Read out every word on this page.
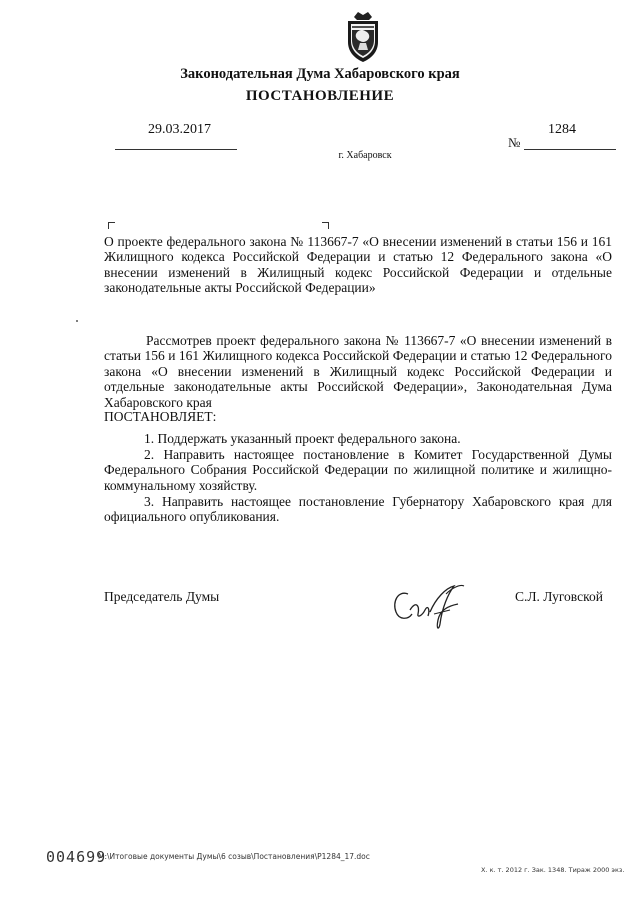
Законодательная Дума Хабаровского края
ПОСТАНОВЛЕНИЕ
29.03.2017
№
1284
г. Хабаровск
О проекте федерального закона № 113667-7 «О внесении изменений в статьи 156 и 161 Жилищного кодекса Российской Федерации и статью 12 Федерального закона «О внесении изменений в Жилищный кодекс Российской Федерации и отдельные законодательные акты Российской Федерации»
Рассмотрев проект федерального закона № 113667-7 «О внесении изменений в статьи 156 и 161 Жилищного кодекса Российской Федерации и статью 12 Федерального закона «О внесении изменений в Жилищный кодекс Российской Федерации и отдельные законодательные акты Российской Федерации», Законодательная Дума Хабаровского края
ПОСТАНОВЛЯЕТ:
1. Поддержать указанный проект федерального закона.
2. Направить настоящее постановление в Комитет Государственной Думы Федерального Собрания Российской Федерации по жилищной политике и жилищно-коммунальному хозяйству.
3. Направить настоящее постановление Губернатору Хабаровского края для официального опубликования.
Председатель Думы	С.Л. Луговской
004699
M:\Итоговые документы Думы\6 созыв\Постановления\Р1284_17.doc
Х. к. т. 2012 г. Зак. 1348. Тираж 2000 экз.
